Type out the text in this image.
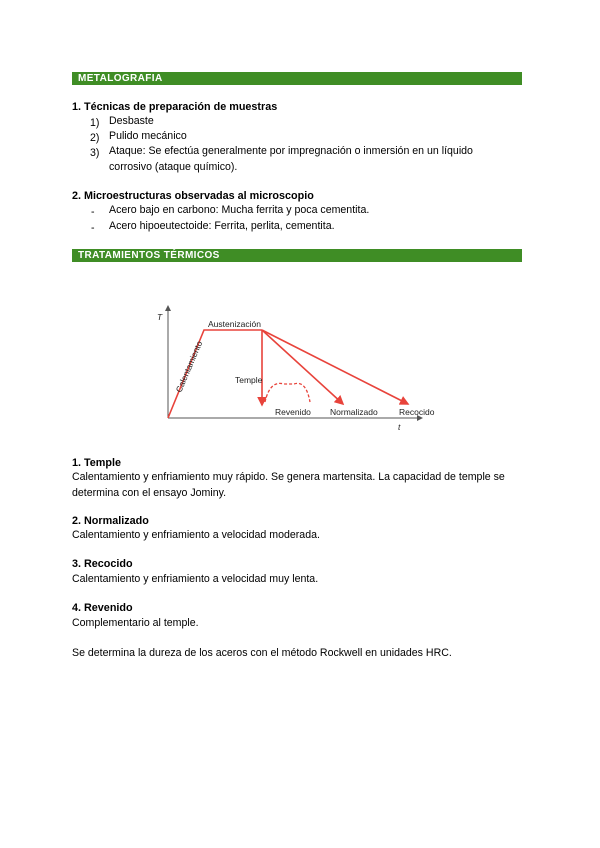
METALOGRAFIA
1. Técnicas de preparación de muestras
1) Desbaste
2) Pulido mecánico
3) Ataque: Se efectúa generalmente por impregnación o inmersión en un líquido
corrosivo (ataque químico).
2. Microestructuras observadas al microscopio
- Acero bajo en carbono: Mucha ferrita y poca cementita.
- Acero hipoeutectoide: Ferrita, perlita, cementita.
TRATAMIENTOS TÉRMICOS
T
t
Austenización
Temple
Revenido Normalizado	Recocido
Calentamiento
1. Temple
Calentamiento y enfriamiento muy rápido. Se genera martensita. La capacidad de temple se
determina con el ensayo Jominy.
2. Normalizado
Calentamiento y enfriamiento a velocidad moderada.
3. Recocido
Calentamiento y enfriamiento a velocidad muy lenta.
4. Revenido
Complementario al temple.
Se determina la dureza de los aceros con el método Rockwell en unidades HRC.
